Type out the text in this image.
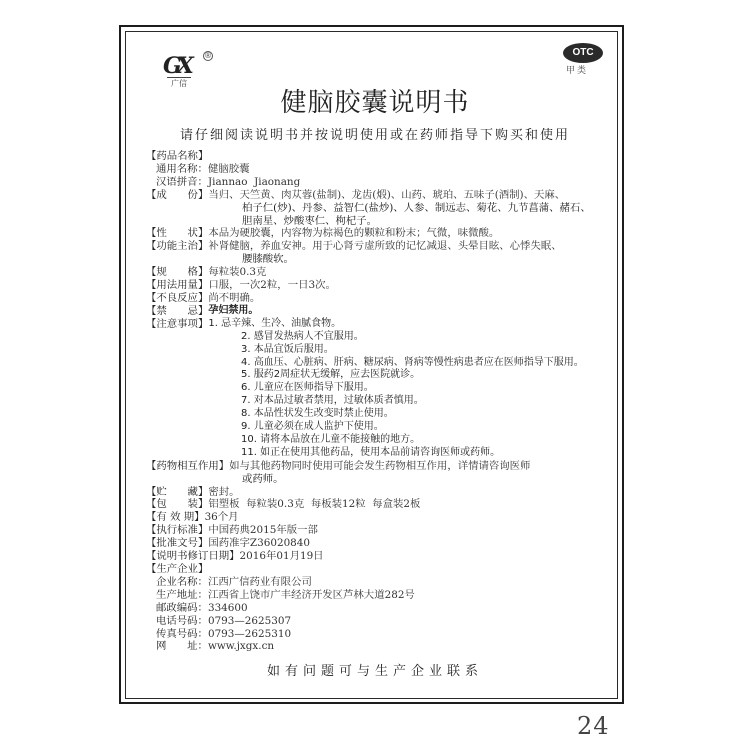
GX
广信
®	OTC
甲类
健脑胶囊说明书
请仔细阅读说明书并按说明使用或在药师指导下购买和使用
【药品名称】
通用名称： 健脑胶囊
汉语拼音： Jiannao  Jiaonang
【成　　份】 当归、天竺黄、肉苁蓉(盐制)、龙齿(煅)、山药、琥珀、五味子(酒制)、天麻、
柏子仁(炒)、丹参、益智仁(盐炒)、人参、制远志、菊花、九节菖蒲、赭石、
胆南星、炒酸枣仁、枸杞子。
【性　　状】 本品为硬胶囊，内容物为棕褐色的颗粒和粉末；气微，味微酸。
【功能主治】 补肾健脑，养血安神。用于心肾亏虚所致的记忆减退、头晕目眩、心悸失眠、
腰膝酸软。
【规　　格】 每粒装0.3克
【用法用量】 口服，一次2粒，一日3次。
【不良反应】 尚不明确。
【禁　　忌】 孕妇禁用。
【注意事项】 1. 忌辛辣、生冷、油腻食物。
2. 感冒发热病人不宜服用。
3. 本品宜饭后服用。
4. 高血压、心脏病、肝病、糖尿病、肾病等慢性病患者应在医师指导下服用。
5. 服药2周症状无缓解，应去医院就诊。
6. 儿童应在医师指导下服用。
7. 对本品过敏者禁用，过敏体质者慎用。
8. 本品性状发生改变时禁止使用。
9. 儿童必须在成人监护下使用。
10. 请将本品放在儿童不能接触的地方。
11. 如正在使用其他药品，使用本品前请咨询医师或药师。
【药物相互作用】 如与其他药物同时使用可能会发生药物相互作用，详情请咨询医师
或药师。
【贮　　藏】 密封。
【包　　装】 铝塑板  每粒装0.3克  每板装12粒  每盒装2板
【有 效 期】 36个月
【执行标准】 中国药典2015年版一部
【批准文号】 国药准字Z36020840
【说明书修订日期】 2016年01月19日
【生产企业】
企业名称： 江西广信药业有限公司
生产地址： 江西省上饶市广丰经济开发区芦林大道282号
邮政编码： 334600
电话号码： 0793—2625307
传真号码： 0793—2625310
网　　址： www.jxgx.cn
如有问题可与生产企业联系
24
